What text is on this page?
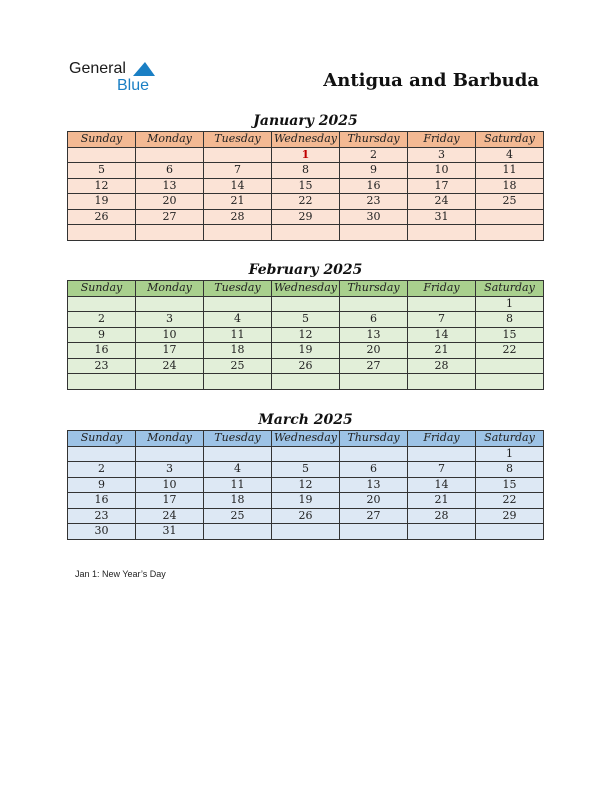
General
Blue	Antigua and Barbuda
January 2025
Sunday	Monday	Tuesday	Wednesday	Thursday	Friday	Saturday
			1	2	3	4
5	6	7	8	9	10	11
12	13	14	15	16	17	18
19	20	21	22	23	24	25
26	27	28	29	30	31	

February 2025
Sunday	Monday	Tuesday	Wednesday	Thursday	Friday	Saturday
						1
2	3	4	5	6	7	8
9	10	11	12	13	14	15
16	17	18	19	20	21	22
23	24	25	26	27	28	

March 2025
Sunday	Monday	Tuesday	Wednesday	Thursday	Friday	Saturday
						1
2	3	4	5	6	7	8
9	10	11	12	13	14	15
16	17	18	19	20	21	22
23	24	25	26	27	28	29
30	31					
Jan 1: New Year’s Day
